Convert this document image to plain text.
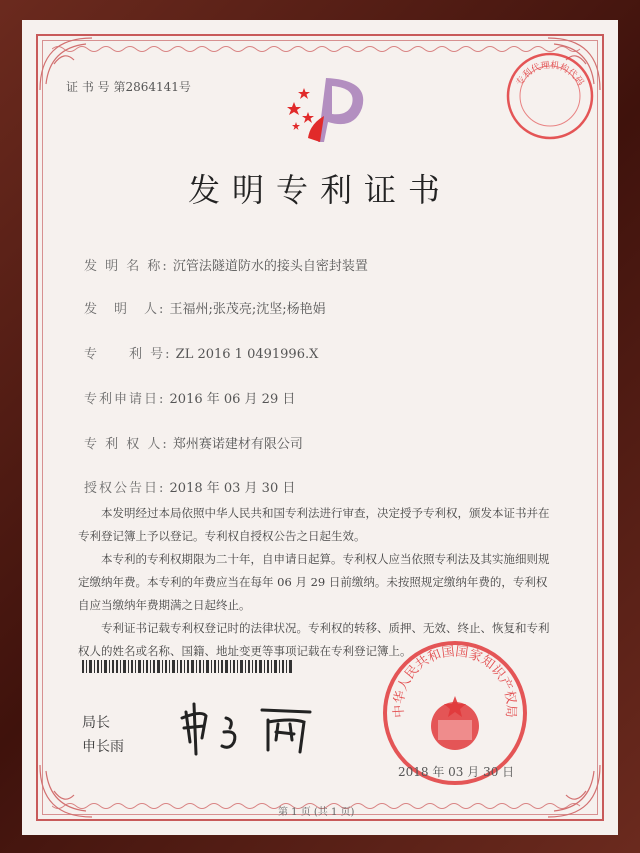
证 书 号 第2864141号
发明专利证书
发 明 名 称: 沉管法隧道防水的接头自密封装置
发　明　人: 王福州;张茂亮;沈坚;杨艳娟
专　　利 号: ZL 2016 1 0491996.X
专利申请日: 2016 年 06 月 29 日
专 利 权 人: 郑州赛诺建材有限公司
授权公告日: 2018 年 03 月 30 日

本发明经过本局依照中华人民共和国专利法进行审查，决定授予专利权，颁发本证书并在专利登记簿上予以登记。专利权自授权公告之日起生效。

本专利的专利权期限为二十年，自申请日起算。专利权人应当依照专利法及其实施细则规定缴纳年费。本专利的年费应当在每年 06 月 29 日前缴纳。未按照规定缴纳年费的，专利权自应当缴纳年费期满之日起终止。

专利证书记载专利权登记时的法律状况。专利权的转移、质押、无效、终止、恢复和专利权人的姓名或名称、国籍、地址变更等事项记载在专利登记簿上。

局长
申长雨
中华人民共和国国家知识产权局
专利代理机构代码
2018 年 03 月 30 日
第 1 页 (共 1 页)
